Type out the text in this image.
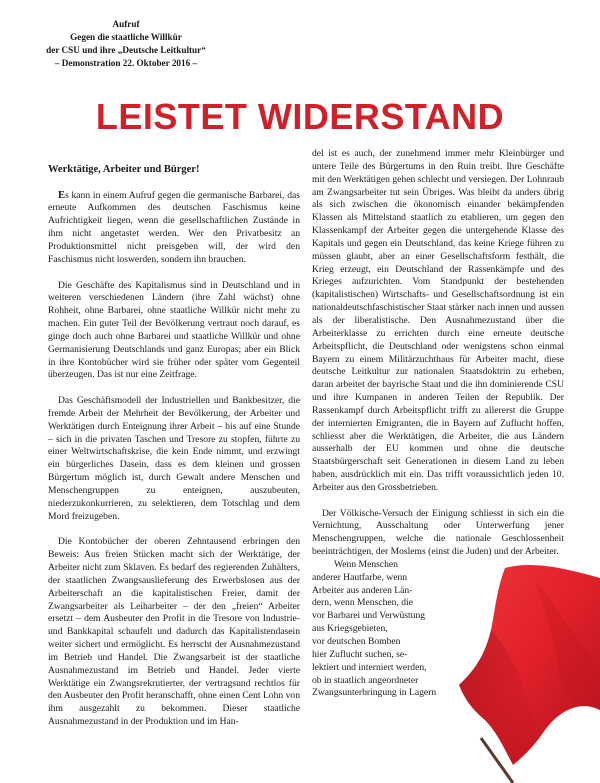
Aufruf
Gegen die staatliche Willkür
der CSU und ihre „Deutsche Leitkultur“
– Demonstration 22. Oktober 2016 –
LEISTET WIDERSTAND

Werktätige, Arbeiter und Bürger!

Es kann in einem Aufruf gegen die germanische Barbarei, das erneute Aufkommen des deutschen Faschismus keine Aufrichtigkeit liegen, wenn die gesellschaftlichen Zustände in ihm nicht angetastet werden. Wer den Privatbesitz an Produktionsmittel nicht preisgeben will, der wird den Faschismus nicht loswerden, sondern ihn brauchen.

Die Geschäfte des Kapitalismus sind in Deutschland und in weiteren verschiedenen Ländern (ihre Zahl wächst) ohne Rohheit, ohne Barbarei, ohne staatliche Willkür nicht mehr zu machen. Ein guter Teil der Bevölkerung vertraut noch darauf, es ginge doch auch ohne Barbarei und staatliche Willkür und ohne Germanisierung Deutschlands und ganz Europas; aber ein Blick in ihre Kontobücher wird sie früher oder später vom Gegenteil überzeugen. Das ist nur eine Zeitfrage.

Das Geschäftsmodell der Industriellen und Bankbesitzer, die fremde Arbeit der Mehrheit der Bevölkerung, der Arbeiter und Werktätigen durch Enteignung ihrer Arbeit – bis auf eine Stunde – sich in die privaten Taschen und Tresore zu stopfen, führte zu einer Weltwirtschaftskrise, die kein Ende nimmt, und erzwingt ein bürgerliches Dasein, dass es dem kleinen und grossen Bürgertum möglich ist, durch Gewalt andere Menschen und Menschengruppen zu enteignen, auszubeuten, niederzukonkurrieren, zu selektieren, dem Totschlag und dem Mord freizugeben.

Die Kontobücher der oberen Zehntausend erbringen den Beweis: Aus freien Stücken macht sich der Werktätige, der Arbeiter nicht zum Sklaven. Es bedarf des regierenden Zuhälters, der staatlichen Zwangsauslieferung des Erwerbslosen aus der Arbeiterschaft an die kapitalistischen Freier, damit der Zwangsarbeiter als Leiharbeiter – der den „freien“ Arbeiter ersetzt – dem Ausbeuter den Profit in die Tresore von Industrie- und Bankkapital schaufelt und dadurch das Kapitalistendasein weiter sichert und ermöglicht. Es herrscht der Ausnahmezustand im Betrieb und Handel. Die Zwangsarbeit ist der staatliche Ausnahmezustand im Betrieb und Handel. Jeder vierte Werktätige ein Zwangsrekrutierter, der vertragsund rechtlos für den Ausbeuter den Profit heranschafft, ohne einen Cent Lohn von ihm ausgezahlt zu bekommen. Dieser staatliche Ausnahmezustand in der Produktion und im Han-

del ist es auch, der zunehmend immer mehr Kleinbürger und untere Teile des Bürgertums in den Ruin treibt. Ihre Geschäfte mit den Werktätigen gehen schlecht und versiegen. Der Lohnraub am Zwangsarbeiter tut sein Übriges. Was bleibt da anders übrig als sich zwischen die ökonomisch einander bekämpfenden Klassen als Mittelstand staatlich zu etablieren, um gegen den Klassenkampf der Arbeiter gegen die untergehende Klasse des Kapitals und gegen ein Deutschland, das keine Kriege führen zu müssen glaubt, aber an einer Gesellschaftsform festhält, die Krieg erzeugt, ein Deutschland der Rassenkämpfe und des Krieges aufzurichten. Vom Standpunkt der bestehenden (kapitalistischen) Wirtschafts- und Gesellschaftsordnung ist ein nationaldeutschfaschistischer Staat stärker nach innen und aussen als der liberalistische. Den Ausnahmezustand über die Arbeiterklasse zu errichten durch eine erneute deutsche Arbeitspflicht, die Deutschland oder wenigstens schon einmal Bayern zu einem Militärzuchthaus für Arbeiter macht, diese deutsche Leitkultur zur nationalen Staatsdoktrin zu erheben, daran arbeitet der bayrische Staat und die ihn dominierende CSU und ihre Kumpanen in anderen Teilen der Republik. Der Rassenkampf durch Arbeitspflicht trifft zu allererst die Gruppe der internierten Emigranten, die in Bayern auf Zuflucht hoffen, schliesst aber die Werktätigen, die Arbeiter, die aus Ländern ausserhalb der EU kommen und ohne die deutsche Staatsbürgerschaft seit Generationen in diesem Land zu leben haben, ausdrücklich mit ein. Das trifft voraussichtlich jeden 10. Arbeiter aus den Grossbetrieben.

Der Völkische-Versuch der Einigung schliesst in sich ein die Vernichtung, Ausschaltung oder Unterwerfung jener Menschengruppen, welche die nationale Geschlossenheit beeinträchtigen, der Moslems (einst die Juden) und der Arbeiter.

Wenn Menschen
anderer Hautfarbe, wenn
Arbeiter aus anderen Län-
dern, wenn Menschen, die
vor Barbarei und Verwüstung
aus Kriegsgebieten,
vor deutschen Bomben
hier Zuflucht suchen, se-
lektiert und interniert werden,
ob in staatlich angeordneter
Zwangsunterbringung in Lagern
